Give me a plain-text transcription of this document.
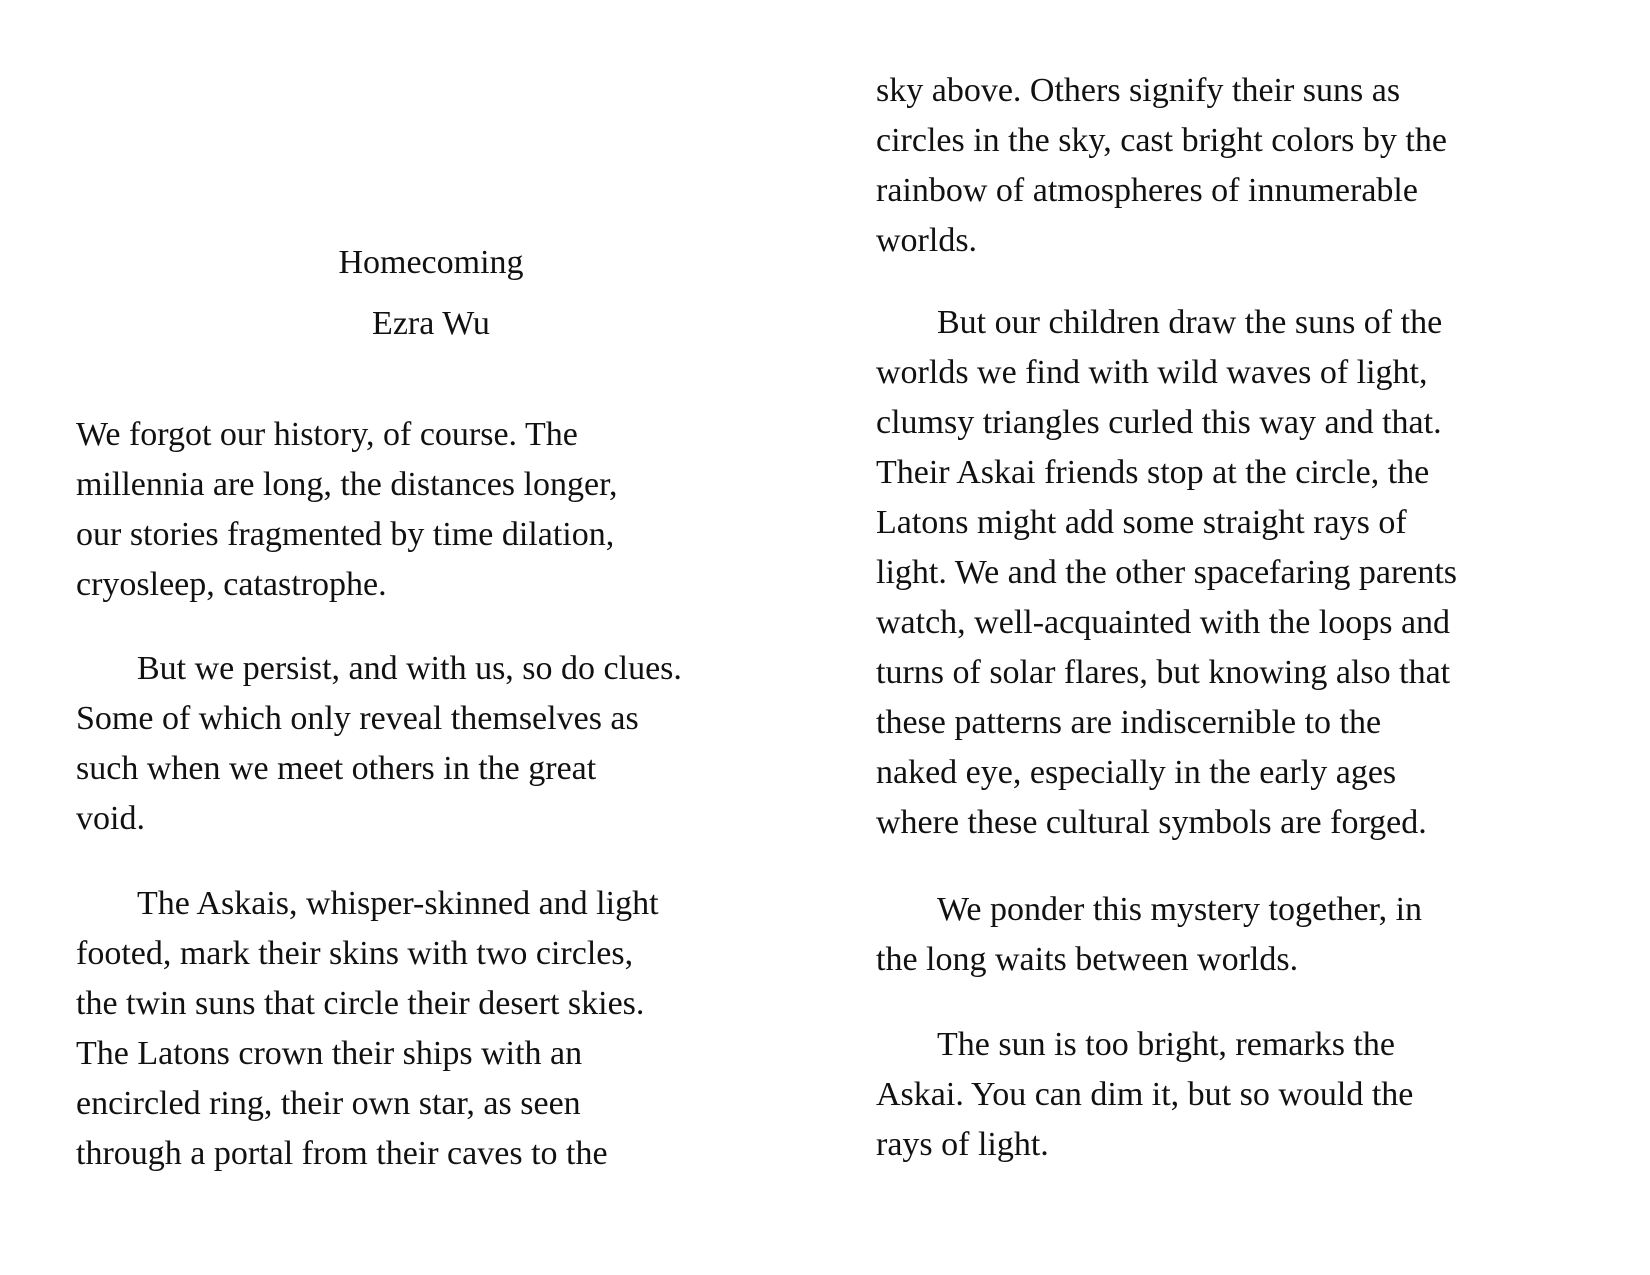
Homecoming
Ezra Wu
We forgot our history, of course. The
millennia are long, the distances longer,
our stories fragmented by time dilation,
cryosleep, catastrophe.
But we persist, and with us, so do clues.
Some of which only reveal themselves as
such when we meet others in the great
void.
The Askais, whisper-skinned and light
footed, mark their skins with two circles,
the twin suns that circle their desert skies.
The Latons crown their ships with an
encircled ring, their own star, as seen
through a portal from their caves to the
sky above. Others signify their suns as
circles in the sky, cast bright colors by the
rainbow of atmospheres of innumerable
worlds.
But our children draw the suns of the
worlds we find with wild waves of light,
clumsy triangles curled this way and that.
Their Askai friends stop at the circle, the
Latons might add some straight rays of
light. We and the other spacefaring parents
watch, well-acquainted with the loops and
turns of solar flares, but knowing also that
these patterns are indiscernible to the
naked eye, especially in the early ages
where these cultural symbols are forged.
We ponder this mystery together, in
the long waits between worlds.
The sun is too bright, remarks the
Askai. You can dim it, but so would the
rays of light.
